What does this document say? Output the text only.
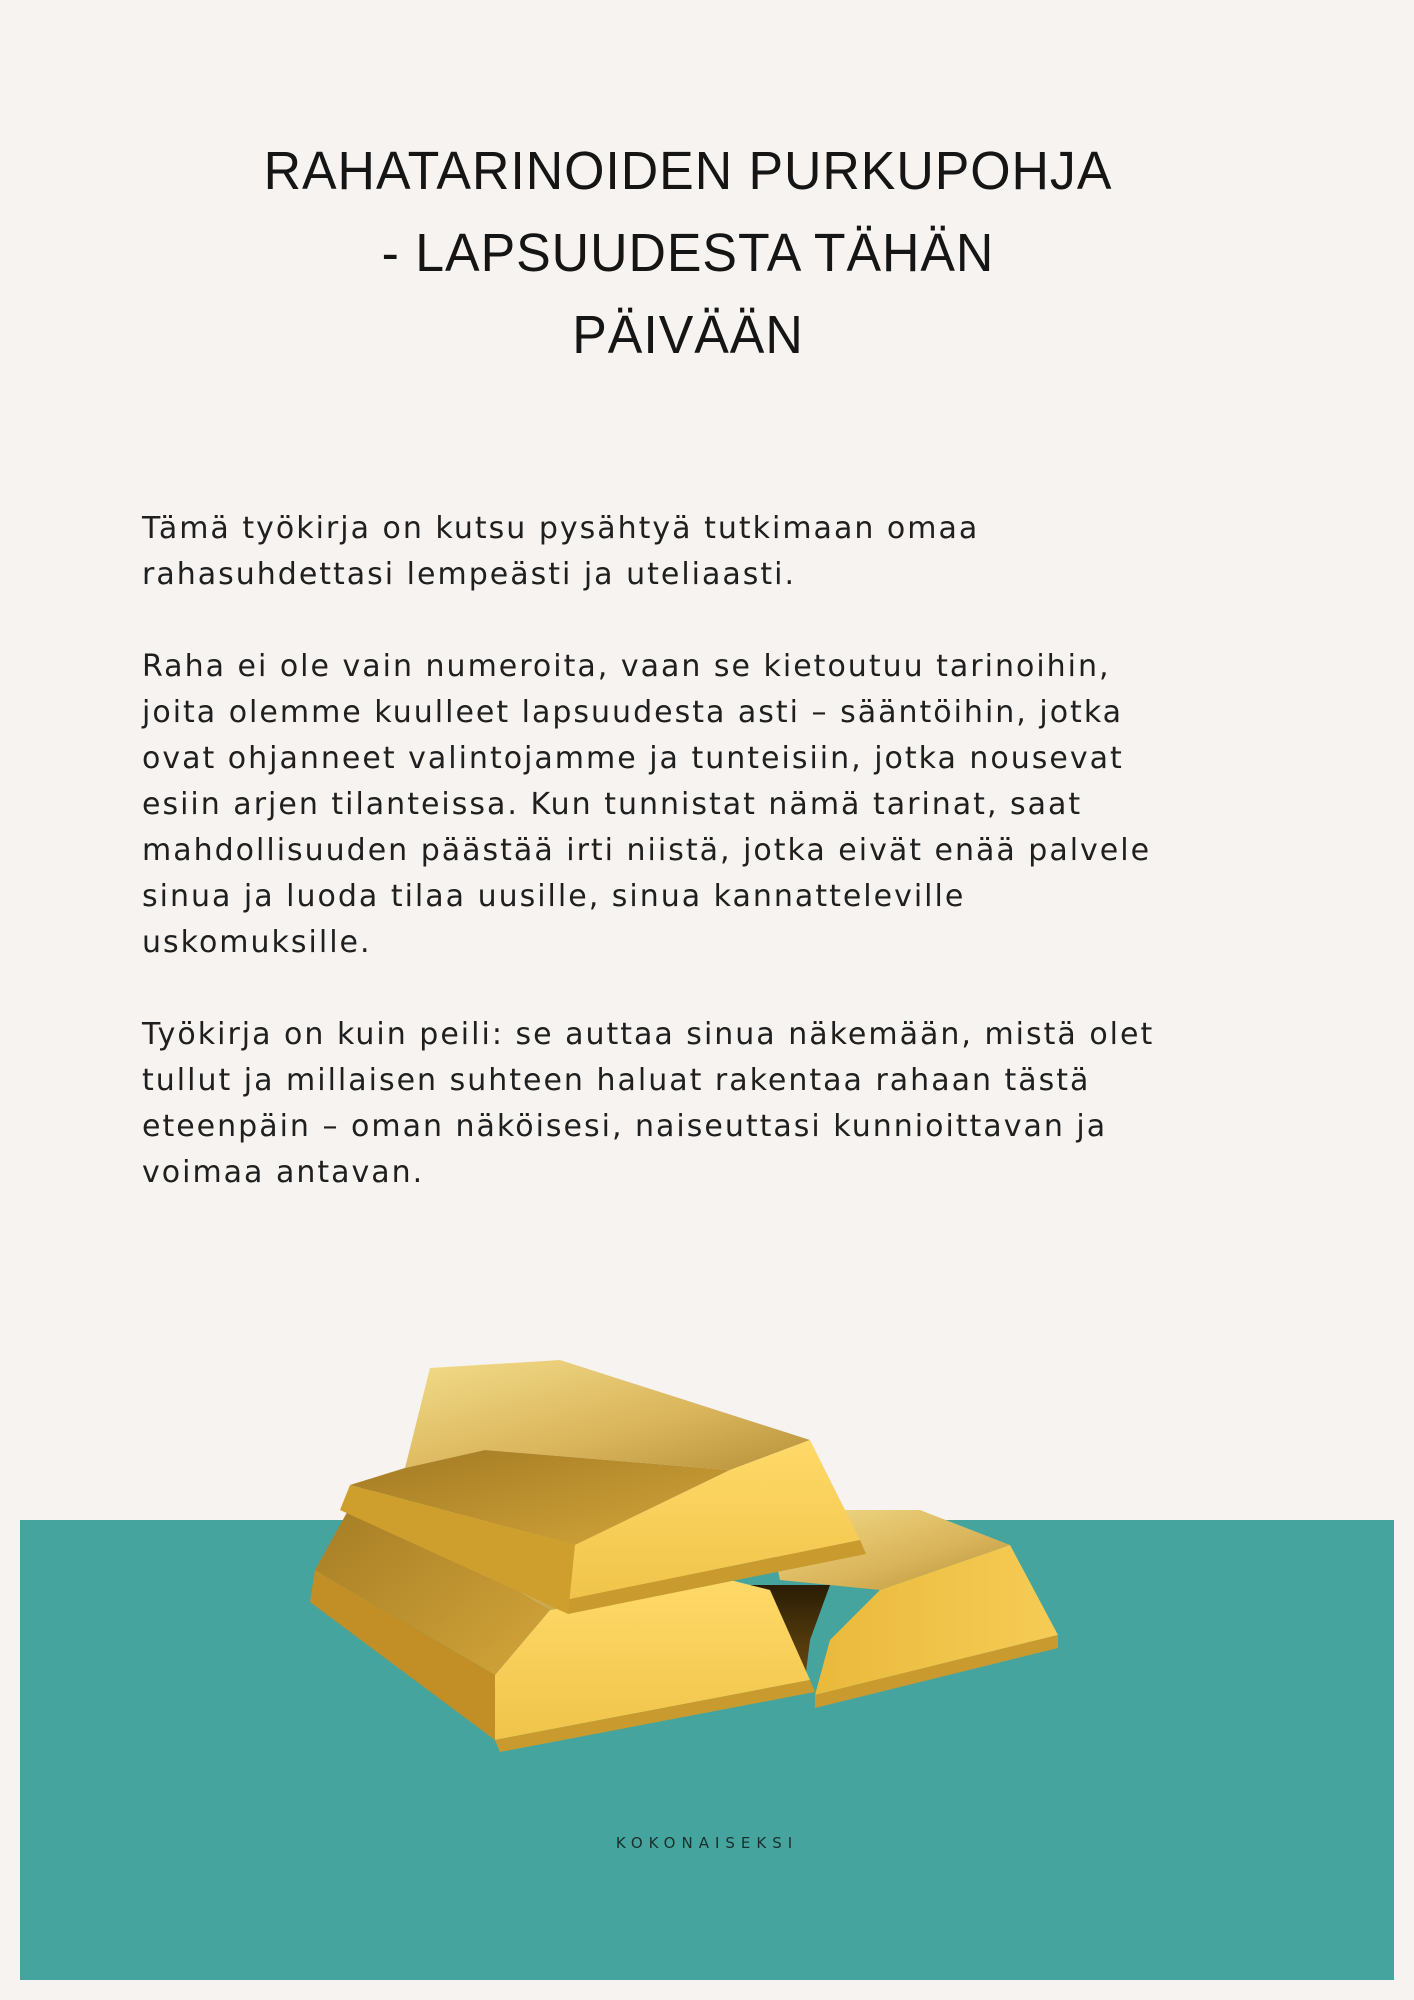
RAHATARINOIDEN PURKUPOHJA
- LAPSUUDESTA TÄHÄN
PÄIVÄÄN

Tämä työkirja on kutsu pysähtyä tutkimaan omaa
rahasuhdettasi lempeästi ja uteliaasti.

Raha ei ole vain numeroita, vaan se kietoutuu tarinoihin,
joita olemme kuulleet lapsuudesta asti – sääntöihin, jotka
ovat ohjanneet valintojamme ja tunteisiin, jotka nousevat
esiin arjen tilanteissa. Kun tunnistat nämä tarinat, saat
mahdollisuuden päästää irti niistä, jotka eivät enää palvele
sinua ja luoda tilaa uusille, sinua kannatteleville
uskomuksille.

Työkirja on kuin peili: se auttaa sinua näkemään, mistä olet
tullut ja millaisen suhteen haluat rakentaa rahaan tästä
eteenpäin – oman näköisesi, naiseuttasi kunnioittavan ja
voimaa antavan.

KOKONAISEKSI
